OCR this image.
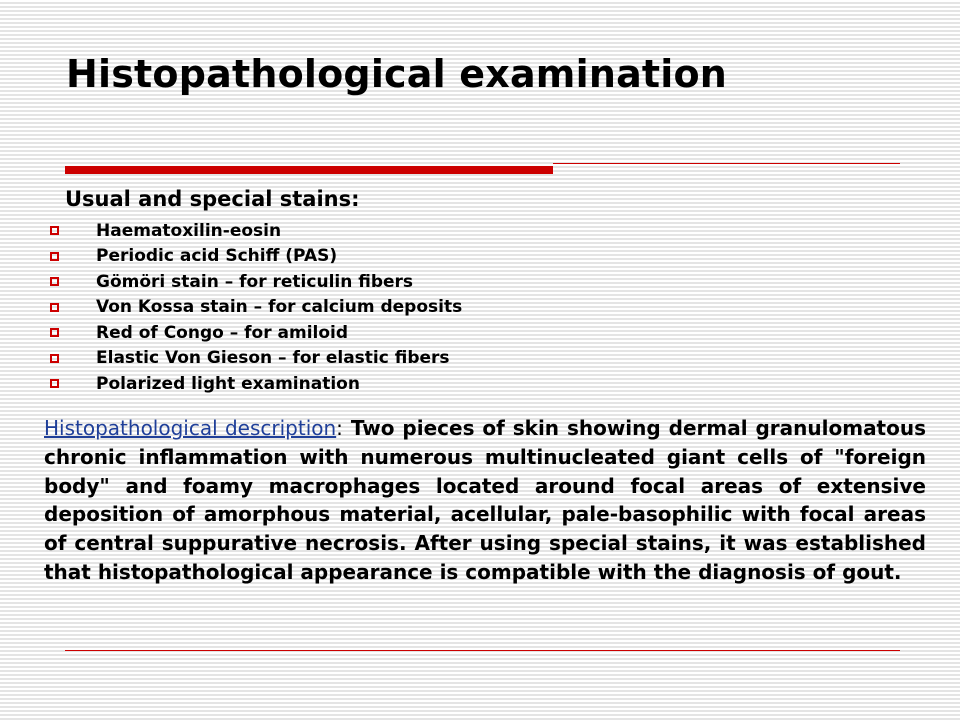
Histopathological examination
Usual and special stains:
Haematoxilin-eosin
Periodic acid Schiff (PAS)
Gömöri stain – for reticulin fibers
Von Kossa stain – for calcium deposits
Red of Congo – for amiloid
Elastic Von Gieson – for elastic fibers
Polarized light examination

Histopathological description: Two pieces of skin showing dermal granulomatous chronic inflammation with numerous multinucleated giant cells of "foreign body" and foamy macrophages located around focal areas of extensive deposition of amorphous material, acellular, pale-basophilic with focal areas of central suppurative necrosis. After using special stains, it was established that histopathological appearance is compatible with the diagnosis of gout.
